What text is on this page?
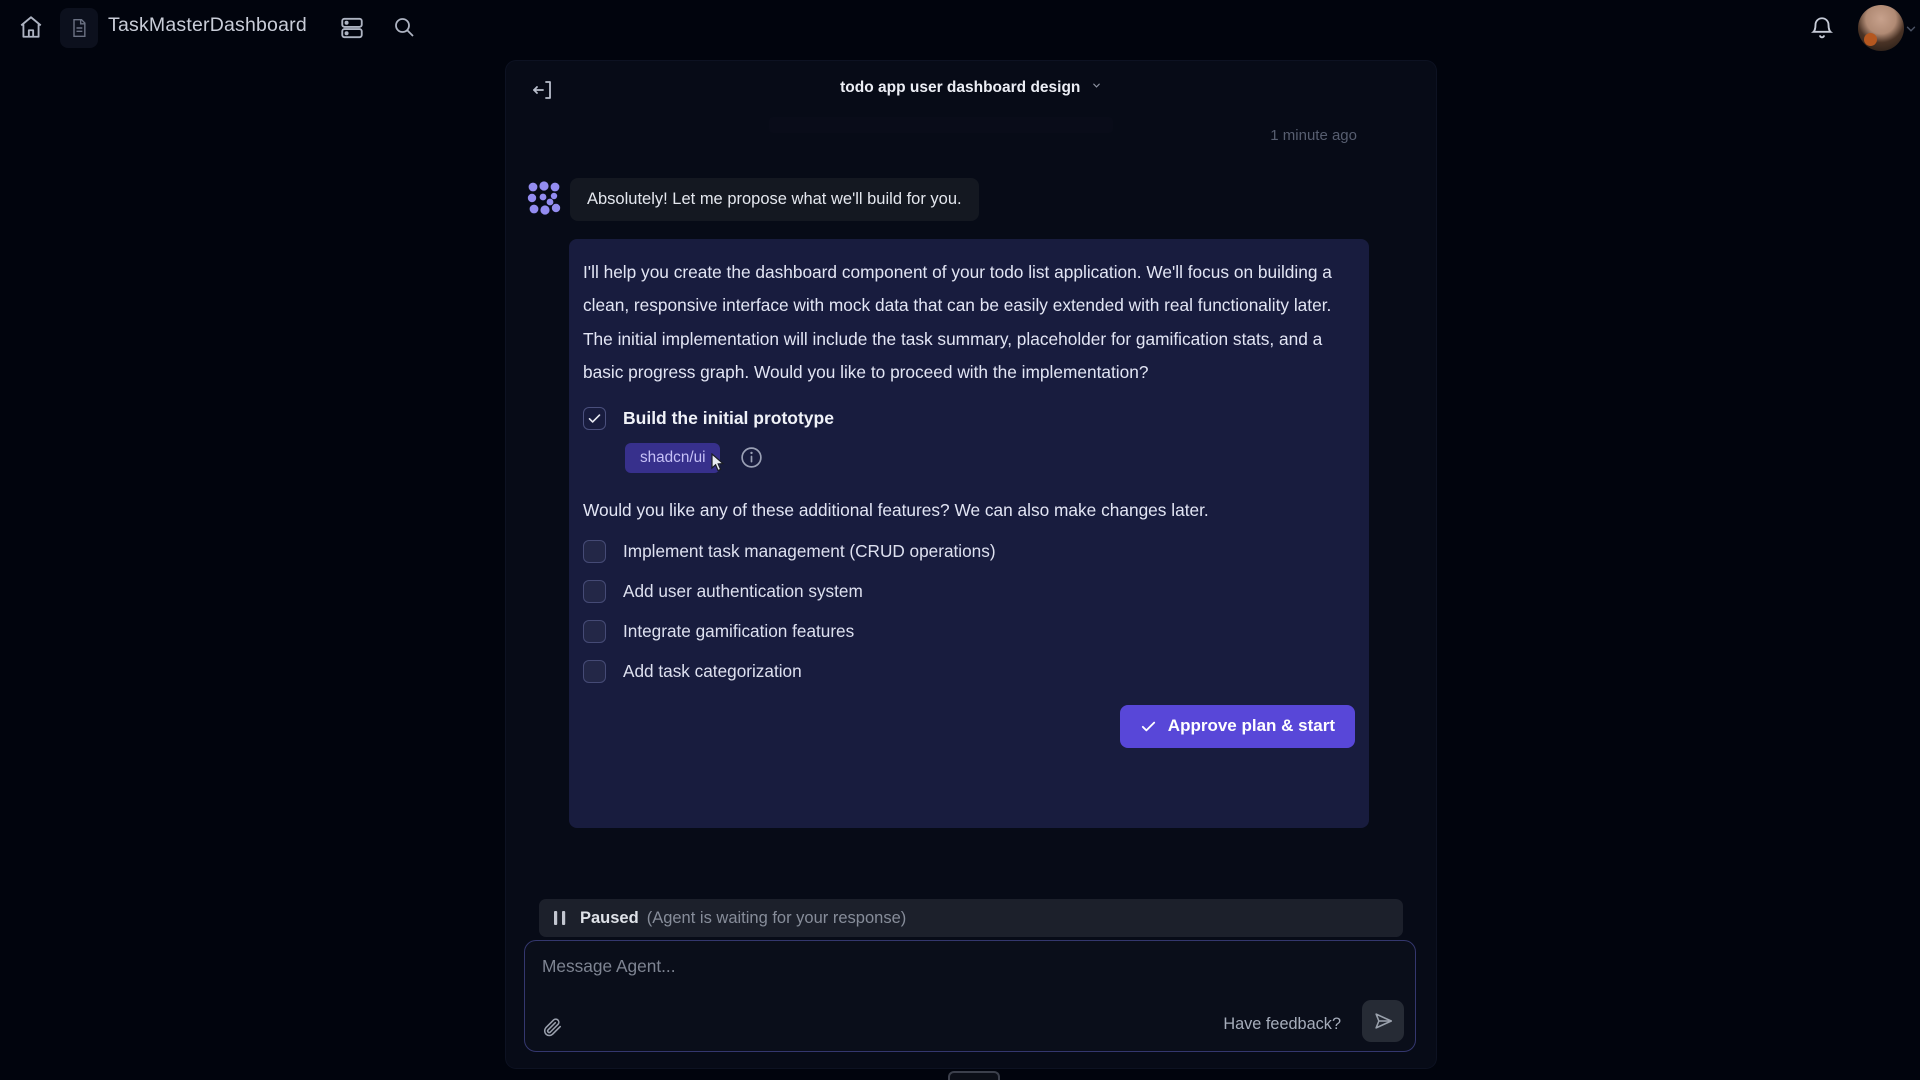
TaskMasterDashboard
todo app user dashboard design
1 minute ago
Absolutely! Let me propose what we'll build for you.
I'll help you create the dashboard component of your todo list application. We'll focus on building a clean, responsive interface with mock data that can be easily extended with real functionality later. The initial implementation will include the task summary, placeholder for gamification stats, and a basic progress graph. Would you like to proceed with the implementation?
Build the initial prototype
shadcn/ui
Would you like any of these additional features? We can also make changes later.
Implement task management (CRUD operations)
Add user authentication system
Integrate gamification features
Add task categorization
Approve plan & start
Paused (Agent is waiting for your response)
Message Agent...
Have feedback?
